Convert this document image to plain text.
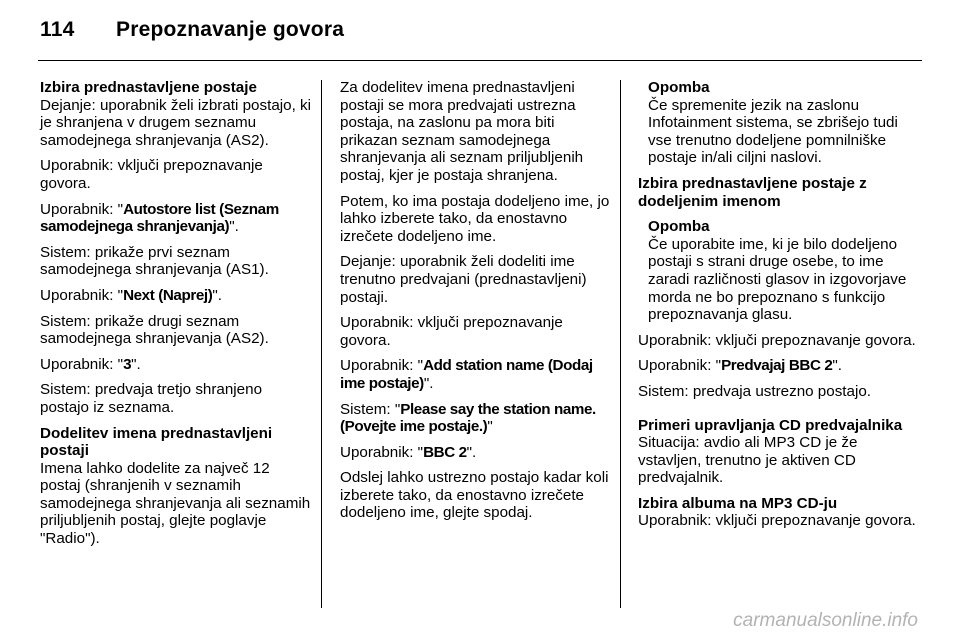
114 Prepoznavanje govora

Izbira prednastavljene postaje

Dejanje: uporabnik želi izbrati postajo, ki je shranjena v drugem seznamu samodejnega shranjevanja (AS2).

Uporabnik: vključi prepoznavanje govora.

Uporabnik: "Autostore list (Seznam samodejnega shranjevanja)".

Sistem: prikaže prvi seznam samodejnega shranjevanja (AS1).

Uporabnik: "Next (Naprej)".

Sistem: prikaže drugi seznam samodejnega shranjevanja (AS2).

Uporabnik: "3".

Sistem: predvaja tretjo shranjeno postajo iz seznama.

Dodelitev imena prednastavljeni postaji

Imena lahko dodelite za največ 12 postaj (shranjenih v seznamih samodejnega shranjevanja ali seznamih priljubljenih postaj, glejte poglavje "Radio").

Za dodelitev imena prednastavljeni postaji se mora predvajati ustrezna postaja, na zaslonu pa mora biti prikazan seznam samodejnega shranjevanja ali seznam priljubljenih postaj, kjer je postaja shranjena.

Potem, ko ima postaja dodeljeno ime, jo lahko izberete tako, da enostavno izrečete dodeljeno ime.

Dejanje: uporabnik želi dodeliti ime trenutno predvajani (prednastavljeni) postaji.

Uporabnik: vključi prepoznavanje govora.

Uporabnik: "Add station name (Dodaj ime postaje)".

Sistem: "Please say the station name. (Povejte ime postaje.)"

Uporabnik: "BBC 2".

Odslej lahko ustrezno postajo kadar koli izberete tako, da enostavno izrečete dodeljeno ime, glejte spodaj.

Opomba

Če spremenite jezik na zaslonu Infotainment sistema, se zbrišejo tudi vse trenutno dodeljene pomnilniške postaje in/ali ciljni naslovi.

Izbira prednastavljene postaje z dodeljenim imenom

Opomba

Če uporabite ime, ki je bilo dodeljeno postaji s strani druge osebe, to ime zaradi različnosti glasov in izgovorjave morda ne bo prepoznano s funkcijo prepoznavanja glasu.

Uporabnik: vključi prepoznavanje govora.

Uporabnik: "Predvajaj BBC 2".

Sistem: predvaja ustrezno postajo.

Primeri upravljanja CD predvajalnika

Situacija: avdio ali MP3 CD je že vstavljen, trenutno je aktiven CD predvajalnik.

Izbira albuma na MP3 CD-ju

Uporabnik: vključi prepoznavanje govora.

carmanualsonline.info
